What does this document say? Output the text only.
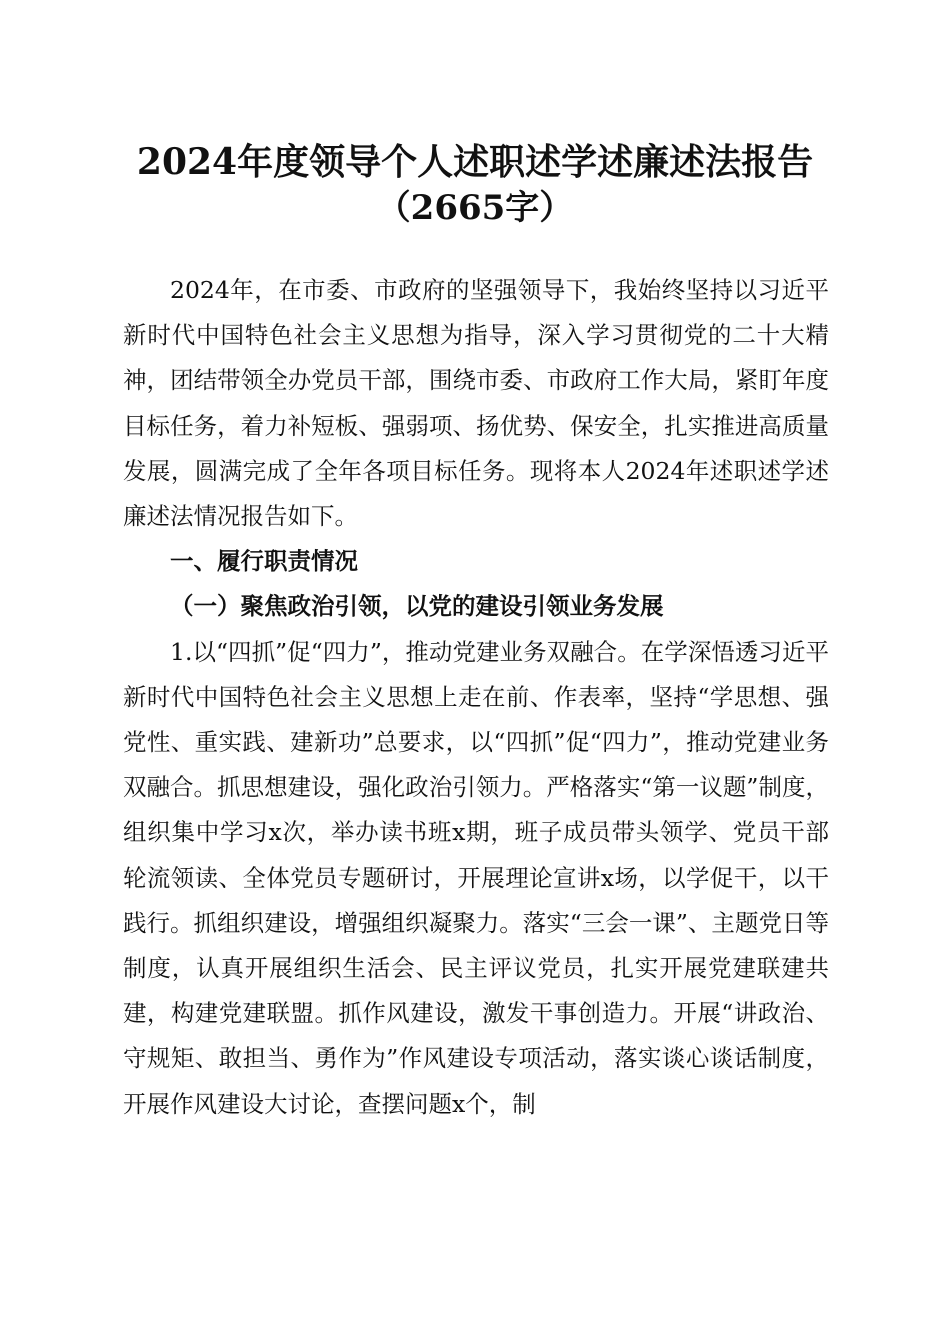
2024年度领导个人述职述学述廉述法报告
（2665字）

2024年，在市委、市政府的坚强领导下，我始终坚持以习近平新时代中国特色社会主义思想为指导，深入学习贯彻党的二十大精神，团结带领全办党员干部，围绕市委、市政府工作大局，紧盯年度目标任务，着力补短板、强弱项、扬优势、保安全，扎实推进高质量发展，圆满完成了全年各项目标任务。现将本人2024年述职述学述廉述法情况报告如下。

一、履行职责情况

（一）聚焦政治引领，以党的建设引领业务发展

1.以“四抓”促“四力”，推动党建业务双融合。在学深悟透习近平新时代中国特色社会主义思想上走在前、作表率，坚持“学思想、强党性、重实践、建新功”总要求，以“四抓”促“四力”，推动党建业务双融合。抓思想建设，强化政治引领力。严格落实“第一议题”制度，组织集中学习x次，举办读书班x期，班子成员带头领学、党员干部轮流领读、全体党员专题研讨，开展理论宣讲x场，以学促干，以干践行。抓组织建设，增强组织凝聚力。落实“三会一课”、主题党日等制度，认真开展组织生活会、民主评议党员，扎实开展党建联建共建，构建党建联盟。抓作风建设，激发干事创造力。开展“讲政治、守规矩、敢担当、勇作为”作风建设专项活动，落实谈心谈话制度，开展作风建设大讨论，查摆问题x个，制
